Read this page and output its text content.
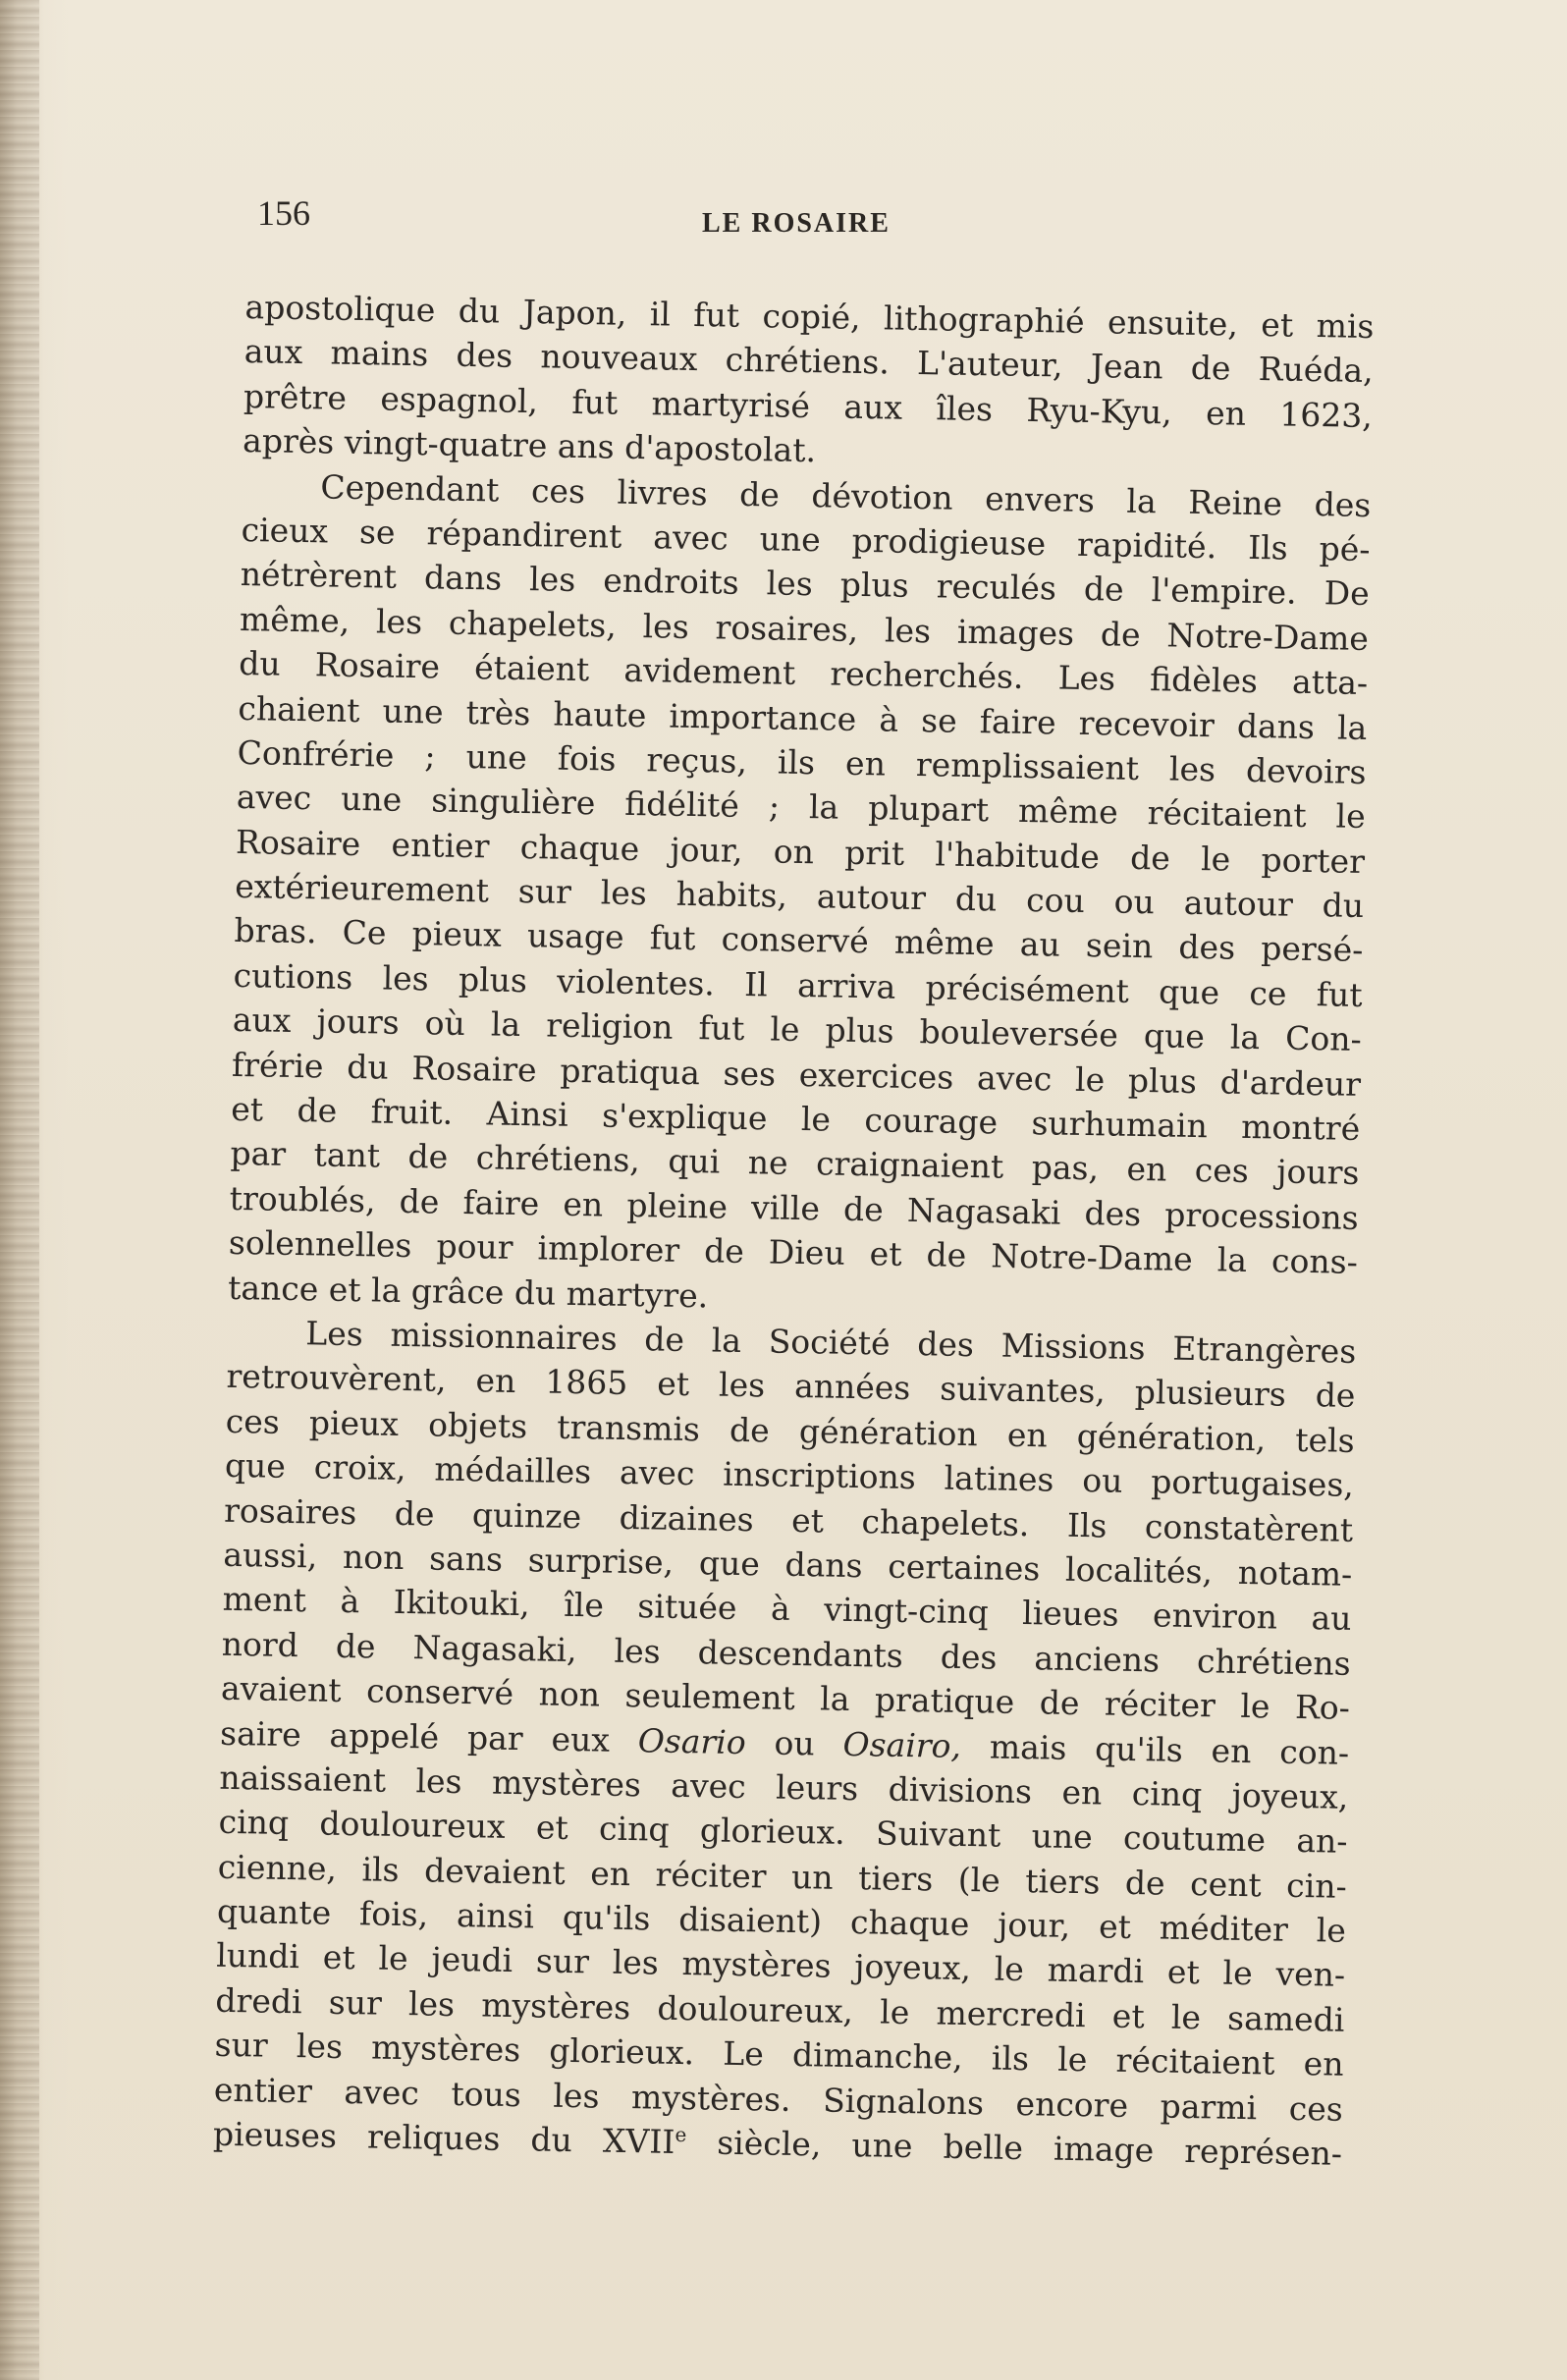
156	LE ROSAIRE
apostolique du Japon, il fut copié, lithographié ensuite, et mis
aux mains des nouveaux chrétiens. L'auteur, Jean de Ruéda,
prêtre espagnol, fut martyrisé aux îles Ryu-Kyu, en 1623,
après vingt-quatre ans d'apostolat.
Cependant ces livres de dévotion envers la Reine des
cieux se répandirent avec une prodigieuse rapidité. Ils pé-
nétrèrent dans les endroits les plus reculés de l'empire. De
même, les chapelets, les rosaires, les images de Notre-Dame
du Rosaire étaient avidement recherchés. Les fidèles atta-
chaient une très haute importance à se faire recevoir dans la
Confrérie ; une fois reçus, ils en remplissaient les devoirs
avec une singulière fidélité ; la plupart même récitaient le
Rosaire entier chaque jour, on prit l'habitude de le porter
extérieurement sur les habits, autour du cou ou autour du
bras. Ce pieux usage fut conservé même au sein des persé-
cutions les plus violentes. Il arriva précisément que ce fut
aux jours où la religion fut le plus bouleversée que la Con-
frérie du Rosaire pratiqua ses exercices avec le plus d'ardeur
et de fruit. Ainsi s'explique le courage surhumain montré
par tant de chrétiens, qui ne craignaient pas, en ces jours
troublés, de faire en pleine ville de Nagasaki des processions
solennelles pour implorer de Dieu et de Notre-Dame la cons-
tance et la grâce du martyre.
Les missionnaires de la Société des Missions Etrangères
retrouvèrent, en 1865 et les années suivantes, plusieurs de
ces pieux objets transmis de génération en génération, tels
que croix, médailles avec inscriptions latines ou portugaises,
rosaires de quinze dizaines et chapelets. Ils constatèrent
aussi, non sans surprise, que dans certaines localités, notam-
ment à Ikitouki, île située à vingt-cinq lieues environ au
nord de Nagasaki, les descendants des anciens chrétiens
avaient conservé non seulement la pratique de réciter le Ro-
saire appelé par eux Osario ou Osairo, mais qu'ils en con-
naissaient les mystères avec leurs divisions en cinq joyeux,
cinq douloureux et cinq glorieux. Suivant une coutume an-
cienne, ils devaient en réciter un tiers (le tiers de cent cin-
quante fois, ainsi qu'ils disaient) chaque jour, et méditer le
lundi et le jeudi sur les mystères joyeux, le mardi et le ven-
dredi sur les mystères douloureux, le mercredi et le samedi
sur les mystères glorieux. Le dimanche, ils le récitaient en
entier avec tous les mystères. Signalons encore parmi ces
pieuses reliques du XVIIe siècle, une belle image représen-
